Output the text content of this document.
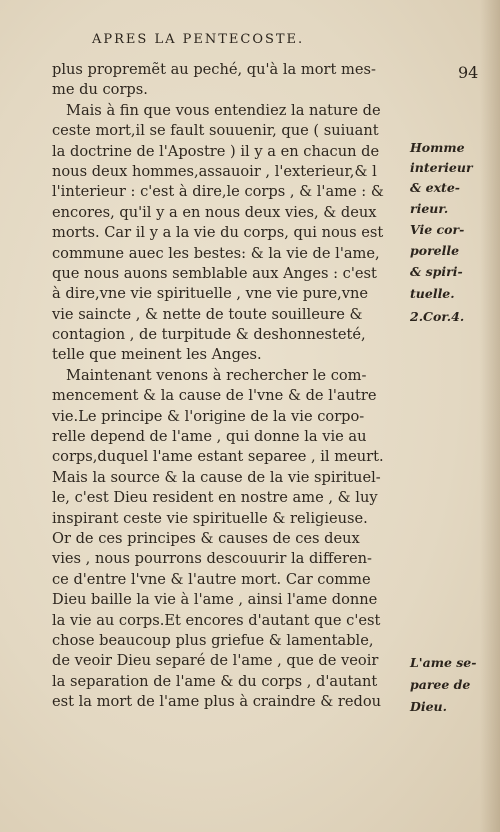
APRES LA PENTECOSTE.
94
plus propremẽt au peché, qu'à la mort mes-
me du corps.
Mais à fin que vous entendiez la nature de
ceste mort,il se fault souuenir, que ( suiuant
la doctrine de l'Apostre ) il y a en chacun de
nous deux hommes,assauoir , l'exterieur,& l
l'interieur : c'est à dire,le corps , & l'ame : &
encores, qu'il y a en nous deux vies, & deux
morts. Car il y a la vie du corps, qui nous est
commune auec les bestes: & la vie de l'ame,
que nous auons semblable aux Anges : c'est
à dire,vne vie spirituelle , vne vie pure,vne
vie saincte , & nette de toute souilleure &
contagion , de turpitude & deshonnesteté,
telle que meinent les Anges.
Maintenant venons à rechercher le com-
mencement & la cause de l'vne & de l'autre
vie.Le principe & l'origine de la vie corpo-
relle depend de l'ame , qui donne la vie au
corps,duquel l'ame estant separee , il meurt.
Mais la source & la cause de la vie spirituel-
le, c'est Dieu resident en nostre ame , & luy
inspirant ceste vie spirituelle & religieuse.
Or de ces principes & causes de ces deux
vies , nous pourrons descouurir la differen-
ce d'entre l'vne & l'autre mort. Car comme
Dieu baille la vie à l'ame , ainsi l'ame donne
la vie au corps.Et encores d'autant que c'est
chose beaucoup plus griefue & lamentable,
de veoir Dieu separé de l'ame , que de veoir
la separation de l'ame & du corps , d'autant
est la mort de l'ame plus à craindre & redou
Homme
interieur
& exte-
rieur.
Vie cor-
porelle
& spiri-
tuelle.
2.Cor.4.
L'ame se-
paree de
Dieu.
